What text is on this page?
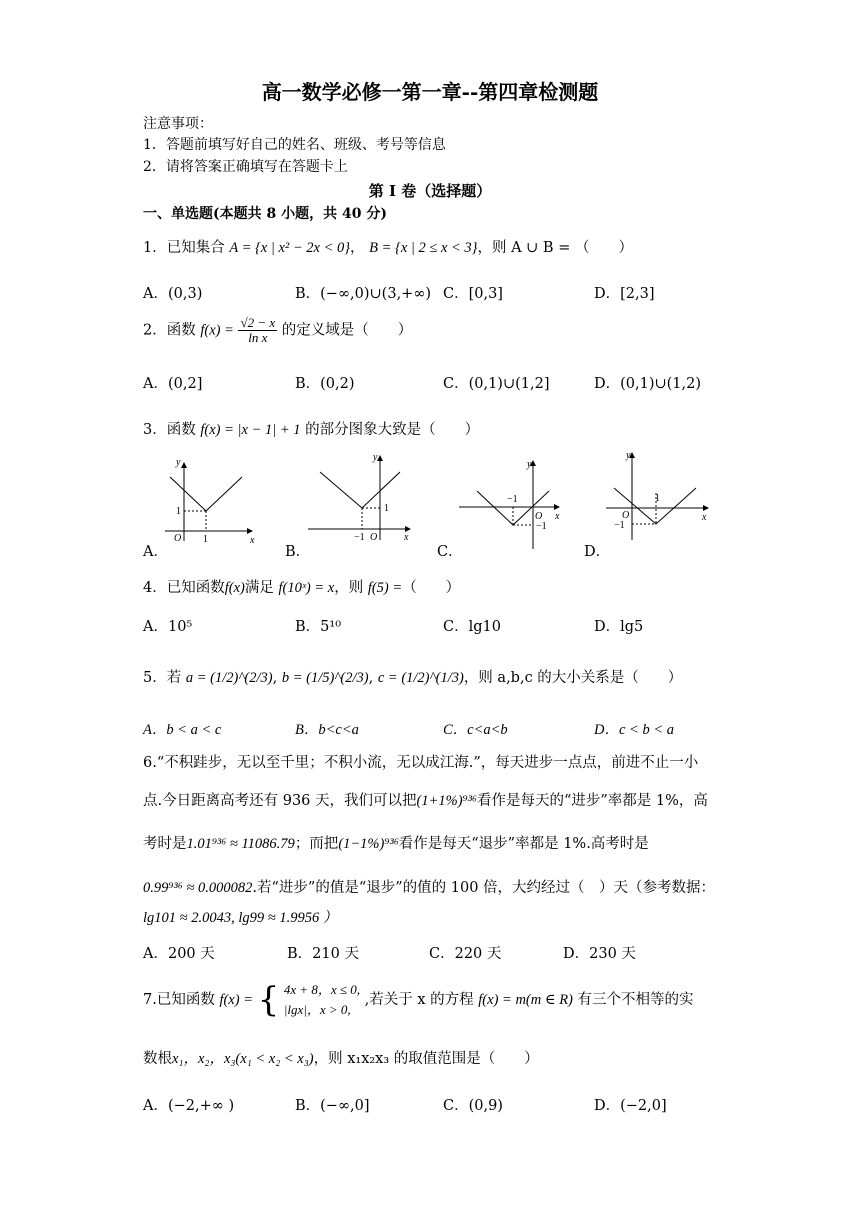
高一数学必修一第一章--第四章检测题
注意事项：
1．答题前填写好自己的姓名、班级、考号等信息
2．请将答案正确填写在答题卡上
第 I 卷（选择题）
一、单选题(本题共 8 小题，共 40 分)
1．已知集合 A = {x | x² − 2x < 0}， B = {x | 2 ≤ x < 3}，则 A ∪ B = （　　）
A．(0,3)	B．(−∞,0)∪(3,+∞) C．[0,3]	D．[2,3]
2．函数 $f(x) = \frac{√2 - x}{\text{ln x}}$ 的定义域是（　　）
A．(0,2]	B．(0,2)	C．(0,1)∪(1,2]	D．(0,1)∪(1,2)
3．函数 f(x) = |x − 1| + 1 的部分图象大致是（　　）
A．
y
x
O
1
1
B．
y
x
O
1
−1
C．
y
x
O
−1
−1
D．
y
x
O
1
−1
4．已知函数f(x)满足 f(10ˣ) = x，则 f(5) =（　　）
A．10⁵	B．5¹⁰	C．lg10	D．lg5
5．若 a = (1/2)^(2/3), b = (1/5)^(2/3), c = (1/2)^(1/3)，则 a,b,c 的大小关系是（　　）
A．b < a < c	B．b<c<a	C．c<a<b	D．c < b < a
6.“不积跬步，无以至千里；不积小流，无以成江海.”，每天进步一点点，前进不止一小
点.今日距离高考还有 936 天，我们可以把(1+1%)⁹³⁶看作是每天的“进步”率都是 1%，高
考时是1.01⁹³⁶ ≈ 11086.79；而把(1−1%)⁹³⁶看作是每天“退步”率都是 1%.高考时是
0.99⁹³⁶ ≈ 0.000082.若“进步”的值是“退步”的值的 100 倍，大约经过（　）天（参考数据：
lg101 ≈ 2.0043, lg99 ≈ 1.9956 ）
A．200 天	B．210 天	C．220 天	D．230 天
7.已知函数 f(x) = { 4x + 8，x ≤ 0,
|lgx|，x > 0,
,若关于 x 的方程 f(x) = m(m ∈ R) 有三个不相等的实
数根x₁，x₂，x₃(x₁ < x₂ < x₃)，则 x₁x₂x₃ 的取值范围是（　　）
A．(−2,+∞ )	B．(−∞,0]	C．(0,9)	D．(−2,0]
